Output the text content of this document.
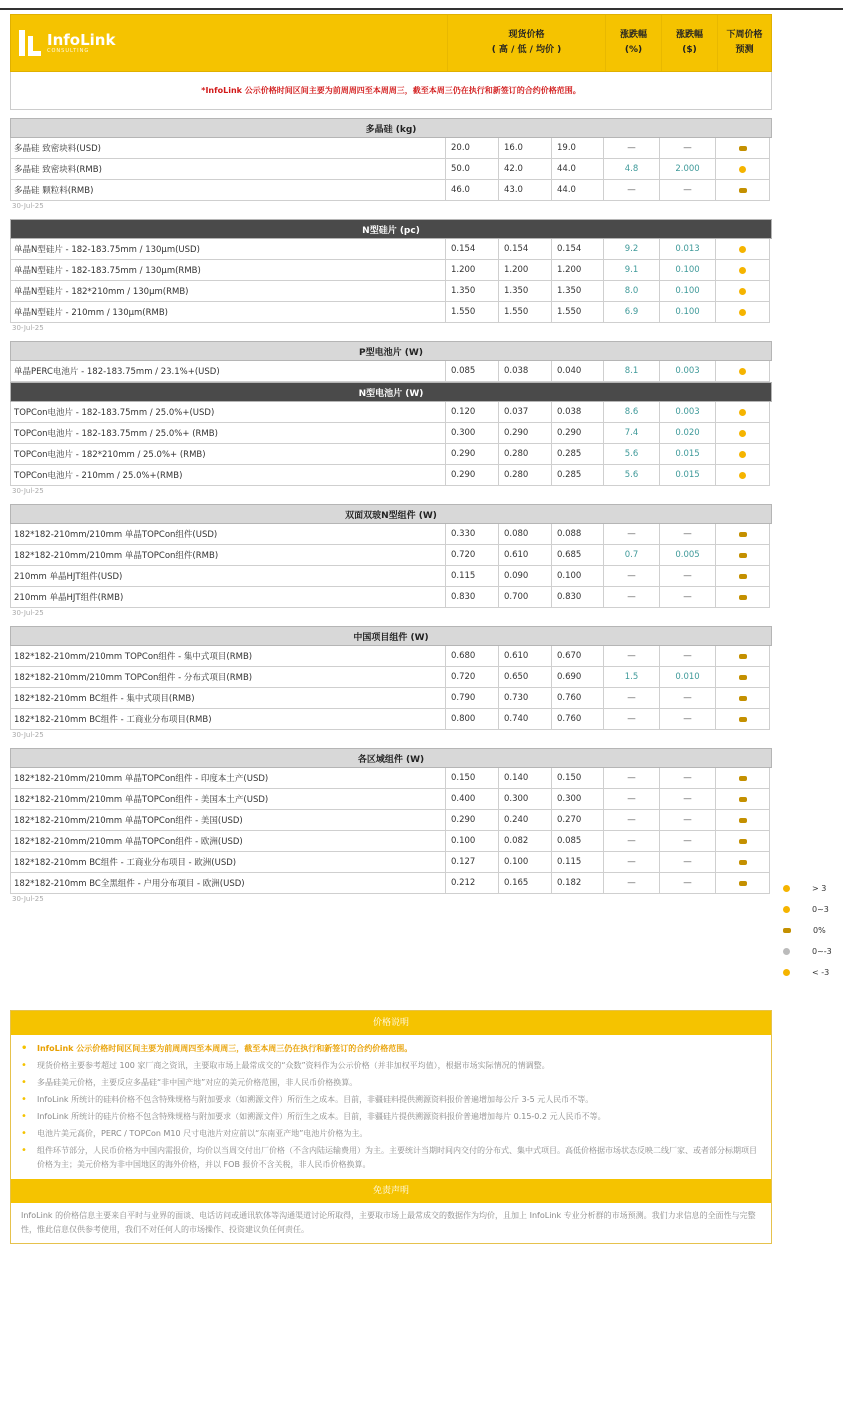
InfoLink
CONSULTING
现货价格
( 高 / 低 / 均价 )
涨跌幅
(%)
涨跌幅
($)
下周价格
预测
*InfoLink 公示价格时间区间主要为前周周四至本周周三，截至本周三仍在执行和新签订的合约价格范围。
多晶硅 (kg)
多晶硅 致密块料(USD)	20.0	16.0	19.0	—	—
多晶硅 致密块料(RMB)	50.0	42.0	44.0	4.8	2.000
多晶硅 颗粒料(RMB)	46.0	43.0	44.0	—	—
30-Jul-25
N型硅片 (pc)
单晶N型硅片 - 182-183.75mm / 130μm(USD)	0.154	0.154	0.154	9.2	0.013
单晶N型硅片 - 182-183.75mm / 130μm(RMB)	1.200	1.200	1.200	9.1	0.100
单晶N型硅片 - 182*210mm / 130μm(RMB)	1.350	1.350	1.350	8.0	0.100
单晶N型硅片 - 210mm / 130μm(RMB)	1.550	1.550	1.550	6.9	0.100
30-Jul-25
P型电池片 (W)
单晶PERC电池片 - 182-183.75mm / 23.1%+(USD)	0.085	0.038	0.040	8.1	0.003
N型电池片 (W)
TOPCon电池片 - 182-183.75mm / 25.0%+(USD)	0.120	0.037	0.038	8.6	0.003
TOPCon电池片 - 182-183.75mm / 25.0%+ (RMB)	0.300	0.290	0.290	7.4	0.020
TOPCon电池片 - 182*210mm / 25.0%+ (RMB)	0.290	0.280	0.285	5.6	0.015
TOPCon电池片 - 210mm / 25.0%+(RMB)	0.290	0.280	0.285	5.6	0.015
30-Jul-25
双面双玻N型组件 (W)
182*182-210mm/210mm 单晶TOPCon组件(USD)	0.330	0.080	0.088	—	—
182*182-210mm/210mm 单晶TOPCon组件(RMB)	0.720	0.610	0.685	0.7	0.005
210mm 单晶HJT组件(USD)	0.115	0.090	0.100	—	—
210mm 单晶HJT组件(RMB)	0.830	0.700	0.830	—	—
30-Jul-25
中国项目组件 (W)
182*182-210mm/210mm TOPCon组件 - 集中式项目(RMB)	0.680	0.610	0.670	—	—
182*182-210mm/210mm TOPCon组件 - 分布式项目(RMB)	0.720	0.650	0.690	1.5	0.010
182*182-210mm BC组件 - 集中式项目(RMB)	0.790	0.730	0.760	—	—
182*182-210mm BC组件 - 工商业分布项目(RMB)	0.800	0.740	0.760	—	—
30-Jul-25
各区域组件 (W)
182*182-210mm/210mm 单晶TOPCon组件 - 印度本土产(USD)	0.150	0.140	0.150	—	—
182*182-210mm/210mm 单晶TOPCon组件 - 美国本土产(USD)	0.400	0.300	0.300	—	—
182*182-210mm/210mm 单晶TOPCon组件 - 美国(USD)	0.290	0.240	0.270	—	—
182*182-210mm/210mm 单晶TOPCon组件 - 欧洲(USD)	0.100	0.082	0.085	—	—
182*182-210mm BC组件 - 工商业分布项目 - 欧洲(USD)	0.127	0.100	0.115	—	—
182*182-210mm BC全黑组件 - 户用分布项目 - 欧洲(USD)	0.212	0.165	0.182	—	—
30-Jul-25
> 3
0~3
0%
0~-3
< -3
价格说明
•	InfoLink 公示价格时间区间主要为前周周四至本周周三，截至本周三仍在执行和新签订的合约价格范围。
•	现货价格主要参考超过 100 家厂商之资讯，主要取市场上最常成交的“众数”资料作为公示价格（并非加权平均值），根据市场实际情况的情调整。
•	多晶硅美元价格，主要反应多晶硅“非中国产地”对应的美元价格范围，非人民币价格换算。
•	InfoLink 所统计的硅料价格不包含特殊规格与附加要求（如溯源文件）所衍生之成本。目前，非疆硅料提供溯源资料报价普遍增加每公斤 3-5 元人民币不等。
•	InfoLink 所统计的硅片价格不包含特殊规格与附加要求（如溯源文件）所衍生之成本。目前，非疆硅片提供溯源资料报价普遍增加每片 0.15-0.2 元人民币不等。
•	电池片美元高价，PERC / TOPCon M10 尺寸电池片对应前以“东南亚产地”电池片价格为主。
•	组件环节部分，人民币价格为中国内需报价，均价以当周交付出厂价格（不含内陆运输费用）为主。主要统计当期时间内交付的分布式、集中式项目。高低价格据市场状态反映二线厂家、或者部分标期项目价格为主；美元价格为非中国地区的海外价格，并以 FOB 报价不含关税，非人民币价格换算。
免责声明
InfoLink 的价格信息主要来自平时与业界的面谈、电话访问或通讯软体等沟通渠道讨论所取得，主要取市场上最常成交的数据作为均价，且加上 InfoLink 专业分析群的市场预测。我们力求信息的全面性与完整性，惟此信息仅供参考使用，我们不对任何人的市场操作、投资建议负任何责任。
